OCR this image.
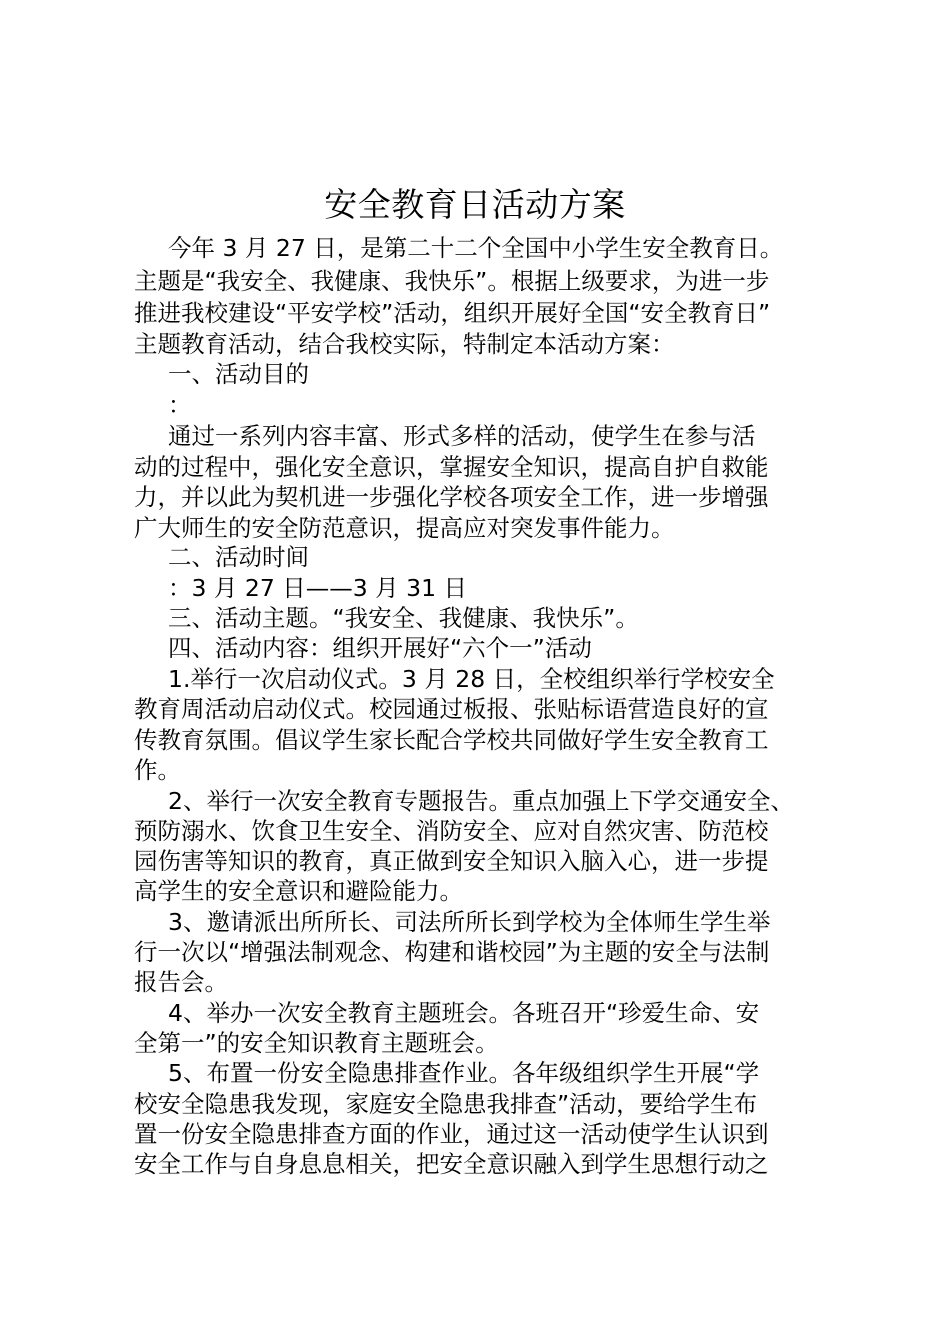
安全教育日活动方案
今年 3 月 27 日，是第二十二个全国中小学生安全教育日。
主题是“我安全、我健康、我快乐”。根据上级要求，为进一步
推进我校建设“平安学校”活动，组织开展好全国“安全教育日”
主题教育活动，结合我校实际，特制定本活动方案：
一、活动目的
：
通过一系列内容丰富、形式多样的活动，使学生在参与活
动的过程中，强化安全意识，掌握安全知识，提高自护自救能
力，并以此为契机进一步强化学校各项安全工作，进一步增强
广大师生的安全防范意识，提高应对突发事件能力。
二、活动时间
：3 月 27 日——3 月 31 日
三、活动主题。“我安全、我健康、我快乐”。
四、活动内容：组织开展好“六个一”活动
1.举行一次启动仪式。3 月 28 日，全校组织举行学校安全
教育周活动启动仪式。校园通过板报、张贴标语营造良好的宣
传教育氛围。倡议学生家长配合学校共同做好学生安全教育工
作。
2、举行一次安全教育专题报告。重点加强上下学交通安全、
预防溺水、饮食卫生安全、消防安全、应对自然灾害、防范校
园伤害等知识的教育，真正做到安全知识入脑入心，进一步提
高学生的安全意识和避险能力。
3、邀请派出所所长、司法所所长到学校为全体师生学生举
行一次以“增强法制观念、构建和谐校园”为主题的安全与法制
报告会。
4、举办一次安全教育主题班会。各班召开“珍爱生命、安
全第一”的安全知识教育主题班会。
5、布置一份安全隐患排查作业。各年级组织学生开展“学
校安全隐患我发现，家庭安全隐患我排查”活动，要给学生布
置一份安全隐患排查方面的作业，通过这一活动使学生认识到
安全工作与自身息息相关，把安全意识融入到学生思想行动之
